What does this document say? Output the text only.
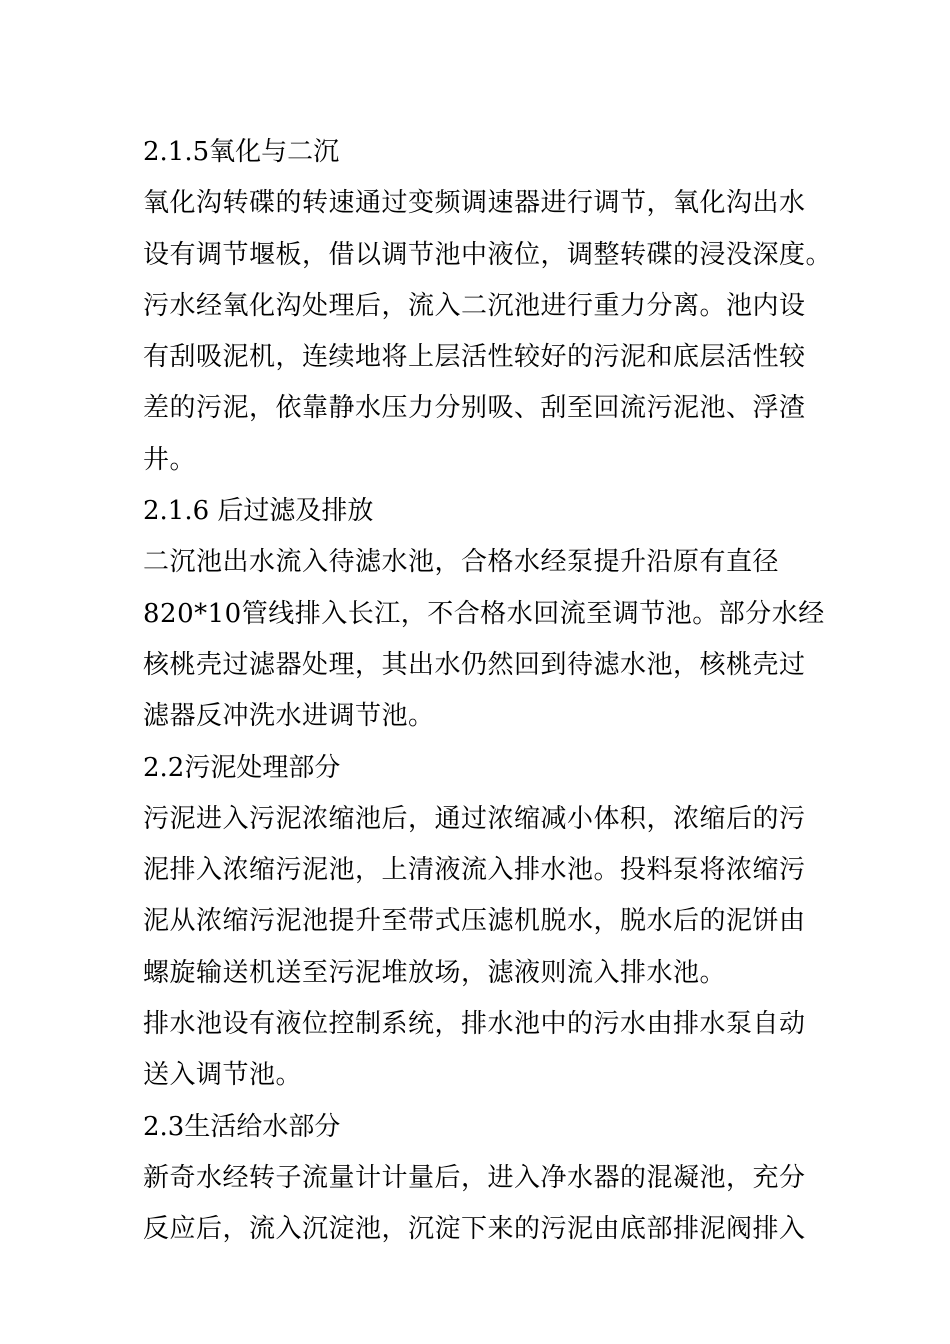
2.1.5氧化与二沉
氧化沟转碟的转速通过变频调速器进行调节，氧化沟出水
设有调节堰板，借以调节池中液位，调整转碟的浸没深度。
污水经氧化沟处理后，流入二沉池进行重力分离。池内设
有刮吸泥机，连续地将上层活性较好的污泥和底层活性较
差的污泥，依靠静水压力分别吸、刮至回流污泥池、浮渣
井。
2.1.6 后过滤及排放
二沉池出水流入待滤水池，合格水经泵提升沿原有直径
820*10管线排入长江，不合格水回流至调节池。部分水经
核桃壳过滤器处理，其出水仍然回到待滤水池，核桃壳过
滤器反冲洗水进调节池。
2.2污泥处理部分
污泥进入污泥浓缩池后，通过浓缩减小体积，浓缩后的污
泥排入浓缩污泥池，上清液流入排水池。投料泵将浓缩污
泥从浓缩污泥池提升至带式压滤机脱水，脱水后的泥饼由
螺旋输送机送至污泥堆放场，滤液则流入排水池。
排水池设有液位控制系统，排水池中的污水由排水泵自动
送入调节池。
2.3生活给水部分
新奇水经转子流量计计量后，进入净水器的混凝池，充分
反应后，流入沉淀池，沉淀下来的污泥由底部排泥阀排入
